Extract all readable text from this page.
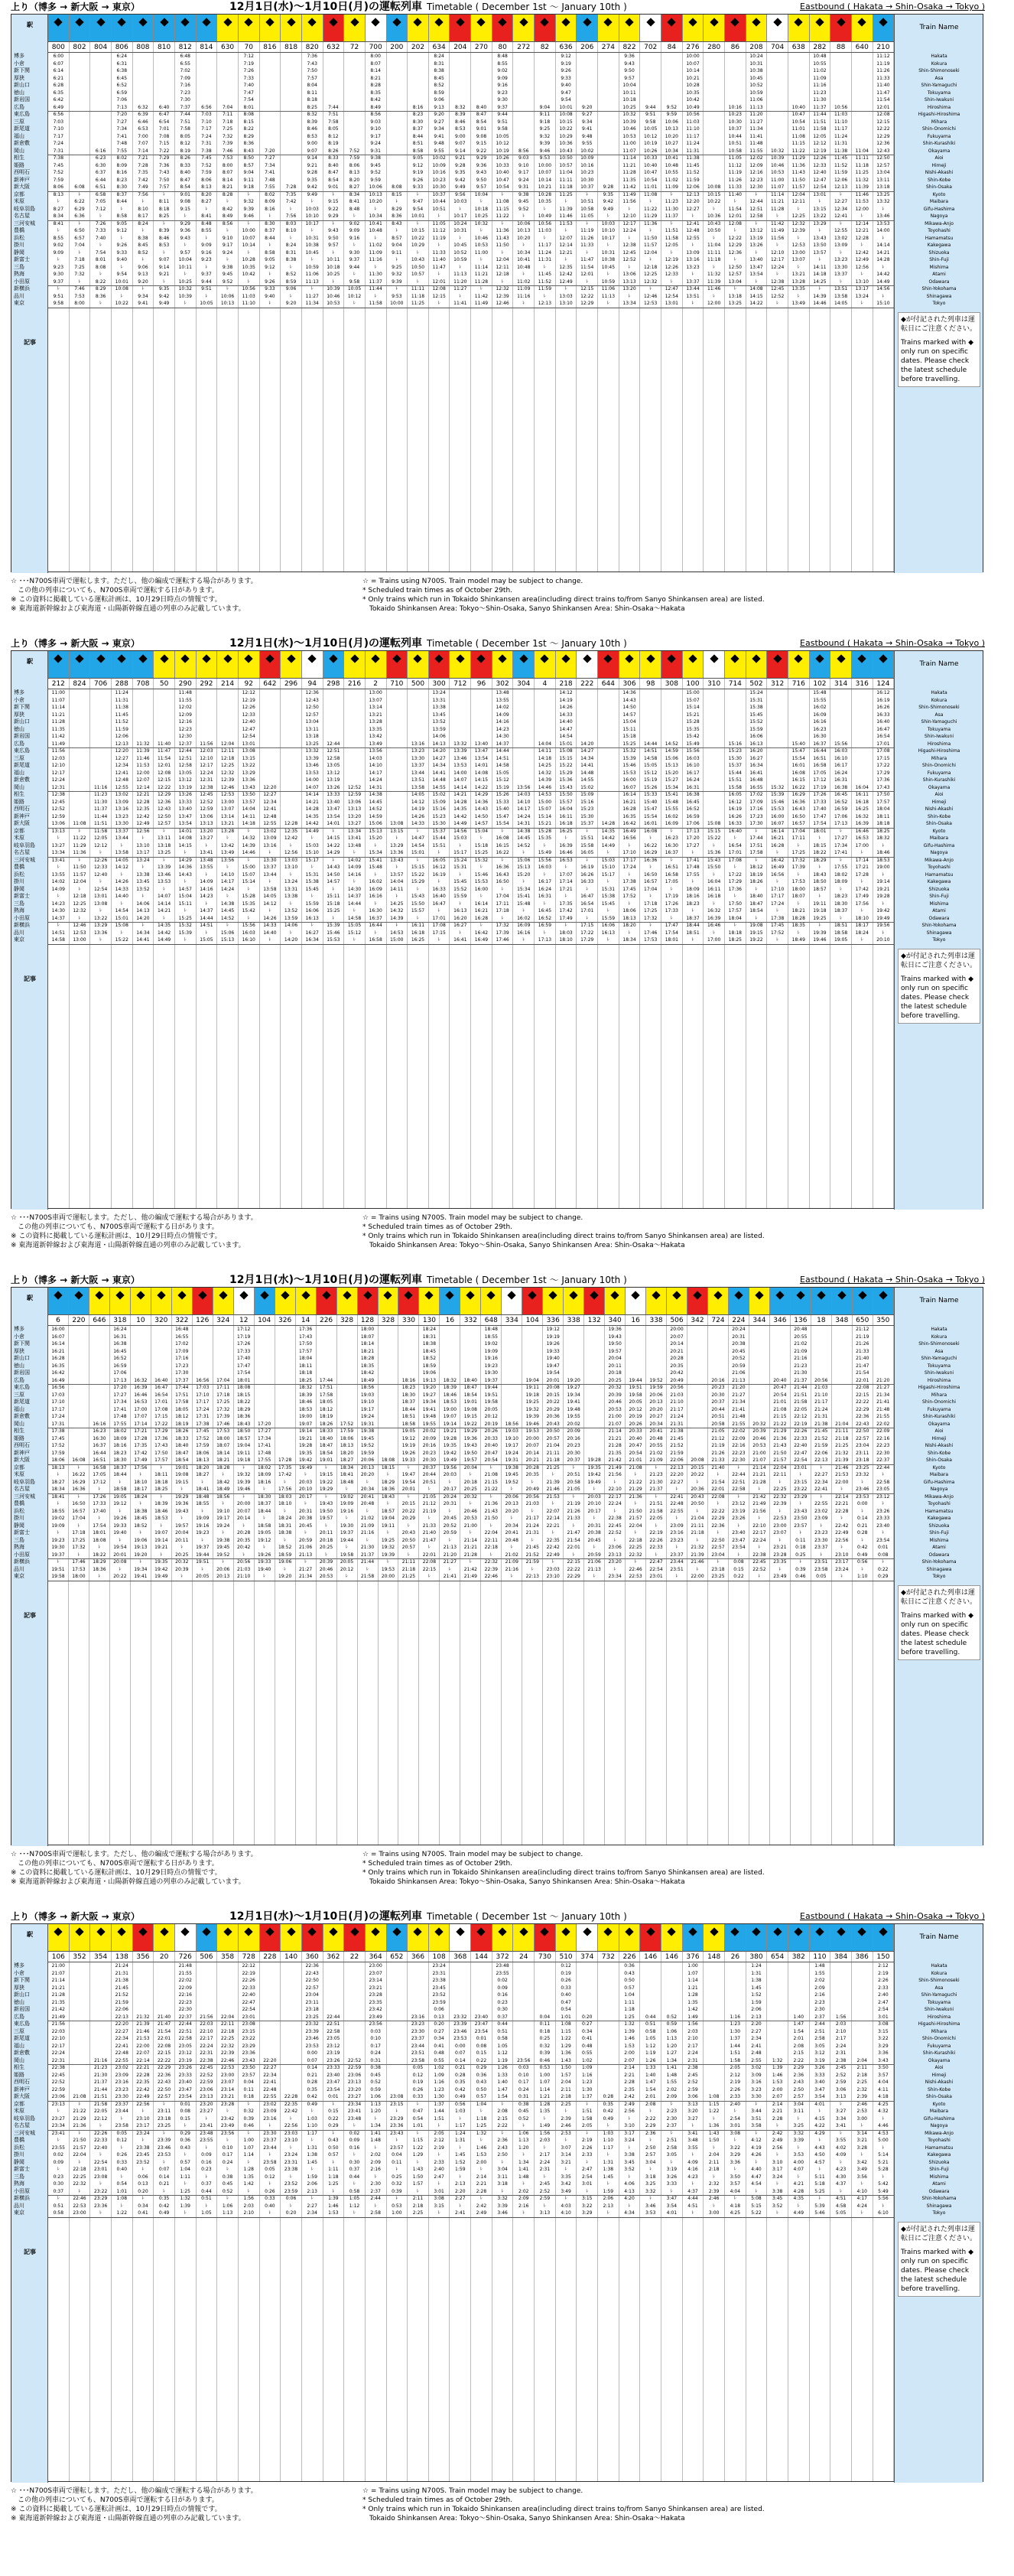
上り（博多 → 新大阪 → 東京）	12月1日(水)～1月10日(月)の運転列車 Timetable ( December 1st ～ January 10th )	Eastbound ( Hakata → Shin-Osaka → Tokyo )
駅
博多
小倉
新下関
厚狭
新山口
徳山
新岩国
広島
東広島
三原
新尾道
福山
新倉敷
岡山
相生
姫路
西明石
新神戸
新大阪
京都
米原
岐阜羽島
名古屋
三河安城
豊橋
浜松
掛川
静岡
新富士
三島
熱海
小田原
新横浜
品川
東京
記事
800	802	804	806	808	810	812	814	630	70	816	818	820	632	72	700	200	202	634	204	270	80	272	82	636	206	274	822	702	84	276	280	86	208	704	638	282	88	640	210
6:00
6:07
6:14
6:21
6:28
6:35
6:42
6:49
6:56
7:03
7:10
7:17
7:24
7:31
7:38
7:45
7:52
7:59
8:06
8:13
ﾚ
8:27
8:34
8:41
ﾚ
8:55
9:02
9:09
ﾚ
9:23
9:30
9:37
ﾚ
9:51
9:58

6:08
ﾚ
6:22
6:29
6:36
ﾚ
6:50
6:57
7:04
ﾚ
7:18
7:25
7:32
ﾚ
7:46
7:53
8:00

6:16
6:23
6:30
6:37
6:44
6:51
6:58
7:05
7:12
ﾚ
7:26
7:33
7:40
ﾚ
7:54
8:01
8:08
ﾚ
8:22
8:29
8:36
ﾚ
6:24
6:31
6:38
6:45
6:52
6:59
7:06
7:13
7:20
7:27
7:34
7:41
7:48
7:55
8:02
8:09
8:16
8:23
8:30
8:37
8:44
ﾚ
8:58
9:05
9:12
ﾚ
9:26
9:33
9:40
ﾚ
9:54
10:01
10:08
ﾚ
10:22

6:32
6:39
6:46
6:53
7:00
7:07
7:14
7:21
7:28
7:35
7:42
7:49
7:56
ﾚ
8:10
8:17
8:24
ﾚ
8:38
8:45
8:52
ﾚ
9:06
9:13
9:20
ﾚ
9:34
9:41

6:40
6:47
6:54
7:01
7:08
7:15
7:22
7:29
7:36
7:43
7:50
7:57
ﾚ
8:11
8:18
8:25
ﾚ
8:39
8:46
8:53
ﾚ
9:07
9:14
9:21
ﾚ
9:35
9:42
9:49
6:48
6:55
7:02
7:09
7:16
7:23
7:30
7:37
7:44
7:51
7:58
8:05
8:12
8:19
8:26
8:33
8:40
8:47
8:54
9:01
9:08
9:15
ﾚ
9:29
9:36
9:43
ﾚ
9:57
10:04
10:11
ﾚ
10:25
10:32
10:39
ﾚ

6:56
7:03
7:10
7:17
7:24
7:31
7:38
7:45
7:52
7:59
8:06
8:13
8:20
8:27
ﾚ
8:41
8:48
8:55
ﾚ
9:09
9:16
9:23
ﾚ
9:37
9:44
9:51
ﾚ
10:05

7:04
7:11
7:18
7:25
7:32
7:39
7:46
7:53
8:00
8:07
8:14
8:21
8:28
ﾚ
8:42
8:49
8:56
ﾚ
9:10
9:17
9:24
ﾚ
9:38
9:45
9:52
ﾚ
10:06
10:13
7:12
7:19
7:26
7:33
7:40
7:47
7:54
8:01
8:08
8:15
8:22
8:29
8:36
8:43
8:50
8:57
9:04
9:11
9:18
ﾚ
9:32
9:39
9:46
ﾚ
10:00
10:07
10:14
ﾚ
10:28
10:35
10:42
ﾚ
10:56
11:03
11:10

7:20
7:27
7:34
7:41
7:48
7:55
8:02
8:09
8:16
ﾚ
8:30
8:37
8:44
ﾚ
8:58
9:05
9:12
ﾚ
9:26
9:33
9:40
ﾚ

7:28
7:35
7:42
ﾚ
7:56
8:03
8:10
ﾚ
8:24
8:31
8:38
ﾚ
8:52
8:59
9:06
ﾚ
9:20
7:36
7:43
7:50
7:57
8:04
8:11
8:18
8:25
8:32
8:39
8:46
8:53
9:00
9:07
9:14
9:21
9:28
9:35
9:42
9:49
ﾚ
10:03
10:10
10:17
ﾚ
10:31
10:38
10:45
ﾚ
10:59
11:06
11:13
ﾚ
11:27
11:34

7:44
7:51
7:58
8:05
8:12
8:19
8:26
8:33
8:40
8:47
8:54
9:01
ﾚ
9:15
9:22
9:29
ﾚ
9:43
9:50
9:57
ﾚ
10:11
10:18
10:25
ﾚ
10:39
10:46
10:53

7:52
7:59
8:06
8:13
8:20
8:27
8:34
8:41
8:48
ﾚ
9:02
9:09
9:16
ﾚ
9:30
9:37
9:44
ﾚ
9:58
10:05
10:12
ﾚ
8:00
8:07
8:14
8:21
8:28
8:35
8:42
8:49
8:56
9:03
9:10
9:17
9:24
9:31
9:38
9:45
9:52
9:59
10:06
10:13
10:20
ﾚ
10:34
10:41
10:48
ﾚ
11:02
11:09
11:16
ﾚ
11:30
11:37
11:44
ﾚ
11:58

8:08
8:15
ﾚ
8:29
8:36
8:43
ﾚ
8:57
9:04
9:11
ﾚ
9:25
9:32
9:39
ﾚ
9:53
10:00

8:16
8:23
8:30
8:37
8:44
8:51
8:58
9:05
9:12
9:19
9:26
9:33
ﾚ
9:47
9:54
10:01
ﾚ
10:15
10:22
10:29
ﾚ
10:43
10:50
10:57
ﾚ
11:11
11:18
11:25
8:24
8:31
8:38
8:45
8:52
8:59
9:06
9:13
9:20
9:27
9:34
9:41
9:48
9:55
10:02
10:09
10:16
10:23
10:30
10:37
10:44
10:51
ﾚ
11:05
11:12
11:19
ﾚ
11:33
11:40
11:47
ﾚ
12:01
12:08
12:15
ﾚ

8:32
8:39
8:46
8:53
9:00
9:07
9:14
9:21
9:28
9:35
9:42
9:49
9:56
10:03
ﾚ
10:17
10:24
10:31
ﾚ
10:45
10:52
10:59
ﾚ
11:13
11:20
11:27
ﾚ
11:41

8:40
8:47
8:54
9:01
9:08
9:15
9:22
9:29
9:36
9:43
9:50
9:57
10:04
ﾚ
10:18
10:25
10:32
ﾚ
10:46
10:53
11:00
ﾚ
11:14
11:21
11:28
ﾚ
11:42
11:49
8:48
8:55
9:02
9:09
9:16
9:23
9:30
9:37
9:44
9:51
9:58
10:05
10:12
10:19
10:26
10:33
10:40
10:47
10:54
ﾚ
11:08
11:15
11:22
ﾚ
11:36
11:43
11:50
ﾚ
12:04
12:11
12:18
ﾚ
12:32
12:39
12:46

8:56
9:03
9:10
9:17
9:24
9:31
9:38
9:45
9:52
ﾚ
10:06
10:13
10:20
ﾚ
10:34
10:41
10:48
ﾚ
11:02
11:09
11:16
ﾚ

9:04
9:11
9:18
9:25
9:32
9:39
9:46
9:53
10:00
10:07
10:14
10:21
10:28
10:35
ﾚ
10:49
10:56
11:03
ﾚ
11:17
11:24
11:31
ﾚ
11:45
11:52
11:59
ﾚ
12:13
9:12
9:19
9:26
9:33
9:40
9:47
9:54
10:01
10:08
10:15
10:22
10:29
10:36
10:43
10:50
10:57
11:04
11:11
11:18
11:25
ﾚ
11:39
11:46
11:53
ﾚ
12:07
12:14
12:21
ﾚ
12:35
12:42
12:49
ﾚ
13:03
13:10

9:20
9:27
9:34
9:41
9:48
9:55
10:02
10:09
10:16
10:23
10:30
10:37
ﾚ
10:51
10:58
11:05
ﾚ
11:19
11:26
11:33
ﾚ
11:47
11:54
12:01
ﾚ
12:15
12:22
12:29

9:28
9:35
9:42
9:49
ﾚ
10:03
10:10
10:17
ﾚ
10:31
10:38
10:45
ﾚ
10:59
11:06
11:13
ﾚ
9:36
9:43
9:50
9:57
10:04
10:11
10:18
10:25
10:32
10:39
10:46
10:53
11:00
11:07
11:14
11:21
11:28
11:35
11:42
11:49
11:56
ﾚ
12:10
12:17
12:24
ﾚ
12:38
12:45
12:52
ﾚ
13:06
13:13
13:20
ﾚ
13:34

9:44
9:51
9:58
10:05
10:12
10:19
10:26
10:33
10:40
10:47
10:54
11:01
11:08
ﾚ
11:22
11:29
11:36
ﾚ
11:50
11:57
12:04
ﾚ
12:18
12:25
12:32
ﾚ
12:46
12:53

9:52
9:59
10:06
10:13
10:20
10:27
10:34
10:41
10:48
10:55
11:02
11:09
ﾚ
11:23
11:30
11:37
ﾚ
11:51
11:58
12:05
ﾚ
12:19
12:26
12:33
ﾚ
12:47
12:54
13:01
10:00
10:07
10:14
10:21
10:28
10:35
10:42
10:49
10:56
11:03
11:10
11:17
11:24
11:31
11:38
11:45
11:52
11:59
12:06
12:13
12:20
12:27
ﾚ
12:41
12:48
12:55
ﾚ
13:09
13:16
13:23
ﾚ
13:37
13:44
13:51
ﾚ

10:08
10:15
10:22
ﾚ
10:36
10:43
10:50
ﾚ
11:04
11:11
11:18
ﾚ
11:32
11:39
11:46
ﾚ
12:00

10:16
10:23
10:30
10:37
10:44
10:51
10:58
11:05
11:12
11:19
11:26
11:33
11:40
ﾚ
11:54
12:01
12:08
ﾚ
12:22
12:29
12:36
ﾚ
12:50
12:57
13:04
ﾚ
13:18
13:25
10:24
10:31
10:38
10:45
10:52
10:59
11:06
11:13
11:20
11:27
11:34
11:41
11:48
11:55
12:02
12:09
12:16
12:23
12:30
ﾚ
12:44
12:51
12:58
ﾚ
13:12
13:19
13:26
ﾚ
13:40
13:47
13:54
ﾚ
14:08
14:15
14:22

10:32
10:39
10:46
10:53
11:00
11:07
11:14
11:21
11:28
ﾚ
11:42
11:49
11:56
ﾚ
12:10
12:17
12:24
ﾚ
12:38
12:45
12:52
ﾚ

10:40
10:47
10:54
11:01
11:08
11:15
11:22
11:29
11:36
11:43
11:50
11:57
12:04
12:11
ﾚ
12:25
12:32
12:39
ﾚ
12:53
13:00
13:07
ﾚ
13:21
13:28
13:35
ﾚ
13:49
10:48
10:55
11:02
11:09
11:16
11:23
11:30
11:37
11:44
11:51
11:58
12:05
12:12
12:19
12:26
12:33
12:40
12:47
12:54
13:01
ﾚ
13:15
13:22
13:29
ﾚ
13:43
13:50
13:57
ﾚ
14:11
14:18
14:25
ﾚ
14:39
14:46

10:56
11:03
11:10
11:17
11:24
11:31
11:38
11:45
11:52
11:59
12:06
12:13
ﾚ
12:27
12:34
12:41
ﾚ
12:55
13:02
13:09
ﾚ
13:23
13:30
13:37
ﾚ
13:51
13:58
14:05

11:04
11:11
11:18
11:25
11:32
11:39
11:46
11:53
12:00
ﾚ
12:14
12:21
12:28
ﾚ
12:42
12:49
12:56
ﾚ
13:10
13:17
13:24
ﾚ
11:12
11:19
11:26
11:33
11:40
11:47
11:54
12:01
12:08
12:15
12:22
12:29
12:36
12:43
12:50
12:57
13:04
13:11
13:18
13:25
13:32
ﾚ
13:46
13:53
14:00
ﾚ
14:14
14:21
14:28
ﾚ
14:42
14:49
14:56
ﾚ
15:10
Train Name
Hakata
Kokura
Shin-Shimonoseki
Asa
Shin-Yamaguchi
Tokuyama
Shin-Iwakuni
Hiroshima
Higashi-Hiroshima
Mihara
Shin-Onomichi
Fukuyama
Shin-Kurashiki
Okayama
Aioi
Himeji
Nishi-Akashi
Shin-Kobe
Shin-Osaka
Kyoto
Maibara
Gifu-Hashima
Nagoya
Mikawa-Anjo
Toyohashi
Hamamatsu
Kakegawa
Shizuoka
Shin-Fuji
Mishima
Atami
Odawara
Shin-Yokohama
Shinagawa
Tokyo
◆が付記された列車は運転日にご注意ください。
Trains marked with ◆ only run on specific dates. Please check the latest schedule before travelling.
☆ ･･･N700S車両で運転します。ただし、他の編成で運転する場合があります。
　この他の列車についても、N700S車両で運転する日があります。
※ この資料に掲載している運転計画は、10月29日時点の情報です。
※ 東海道新幹線および東海道・山陽新幹線直通の列車のみ記載しています。
☆ = Trains using N700S. Train model may be subject to change.
* Scheduled train times as of October 29th.
* Only trains which run in Tokaido Shinkansen area(including direct trains to/from Sanyo Shinkansen area) are listed.
　Tokaido Shinkansen Area: Tokyo〜Shin-Osaka, Sanyo Shinkansen Area: Shin-Osaka〜Hakata
上り（博多 → 新大阪 → 東京）	12月1日(水)～1月10日(月)の運転列車 Timetable ( December 1st ～ January 10th )	Eastbound ( Hakata → Shin-Osaka → Tokyo )
駅
博多
小倉
新下関
厚狭
新山口
徳山
新岩国
広島
東広島
三原
新尾道
福山
新倉敷
岡山
相生
姫路
西明石
新神戸
新大阪
京都
米原
岐阜羽島
名古屋
三河安城
豊橋
浜松
掛川
静岡
新富士
三島
熱海
小田原
新横浜
品川
東京
記事
212	824	706	288	708	50	290	292	214	92	642	296	94	298	216	2	710	500	300	712	96	302	304	4	218	222	644	306	98	308	100	310	714	502	312	716	102	314	316	124
11:00
11:07
11:14
11:21
11:28
11:35
11:42
11:49
11:56
12:03
12:10
12:17
12:24
12:31
12:38
12:45
12:52
12:59
13:06
13:13
ﾚ
13:27
13:34
13:41
ﾚ
13:55
14:02
14:09
ﾚ
14:23
14:30
14:37
ﾚ
14:51
14:58

11:08
ﾚ
11:22
11:29
11:36
ﾚ
11:50
11:57
12:04
ﾚ
12:18
12:25
12:32
ﾚ
12:46
12:53
13:00

11:16
11:23
11:30
11:37
11:44
11:51
11:58
12:05
12:12
ﾚ
12:26
12:33
12:40
ﾚ
12:54
13:01
13:08
ﾚ
13:22
13:29
13:36
ﾚ
11:24
11:31
11:38
11:45
11:52
11:59
12:06
12:13
12:20
12:27
12:34
12:41
12:48
12:55
13:02
13:09
13:16
13:23
13:30
13:37
13:44
ﾚ
13:58
14:05
14:12
ﾚ
14:26
14:33
14:40
ﾚ
14:54
15:01
15:08
ﾚ
15:22

11:32
11:39
11:46
11:53
12:00
12:07
12:14
12:21
12:28
12:35
12:42
12:49
12:56
ﾚ
13:10
13:17
13:24
ﾚ
13:38
13:45
13:52
ﾚ
14:06
14:13
14:20
ﾚ
14:34
14:41

11:40
11:47
11:54
12:01
12:08
12:15
12:22
12:29
12:36
12:43
12:50
12:57
ﾚ
13:11
13:18
13:25
ﾚ
13:39
13:46
13:53
ﾚ
14:07
14:14
14:21
ﾚ
14:35
14:42
14:49
11:48
11:55
12:02
12:09
12:16
12:23
12:30
12:37
12:44
12:51
12:58
13:05
13:12
13:19
13:26
13:33
13:40
13:47
13:54
14:01
14:08
14:15
ﾚ
14:29
14:36
14:43
ﾚ
14:57
15:04
15:11
ﾚ
15:25
15:32
15:39
ﾚ

11:56
12:03
12:10
12:17
12:24
12:31
12:38
12:45
12:52
12:59
13:06
13:13
13:20
13:27
ﾚ
13:41
13:48
13:55
ﾚ
14:09
14:16
14:23
ﾚ
14:37
14:44
14:51
ﾚ
15:05

12:04
12:11
12:18
12:25
12:32
12:39
12:46
12:53
13:00
13:07
13:14
13:21
13:28
ﾚ
13:42
13:49
13:56
ﾚ
14:10
14:17
14:24
ﾚ
14:38
14:45
14:52
ﾚ
15:06
15:13
12:12
12:19
12:26
12:33
12:40
12:47
12:54
13:01
13:08
13:15
13:22
13:29
13:36
13:43
13:50
13:57
14:04
14:11
14:18
ﾚ
14:32
14:39
14:46
ﾚ
15:00
15:07
15:14
ﾚ
15:28
15:35
15:42
ﾚ
15:56
16:03
16:10

12:20
12:27
12:34
12:41
12:48
12:55
13:02
13:09
13:16
ﾚ
13:30
13:37
13:44
ﾚ
13:58
14:05
14:12
ﾚ
14:26
14:33
14:40
ﾚ

12:28
12:35
12:42
ﾚ
12:56
13:03
13:10
ﾚ
13:24
13:31
13:38
ﾚ
13:52
13:59
14:06
ﾚ
14:20
12:36
12:43
12:50
12:57
13:04
13:11
13:18
13:25
13:32
13:39
13:46
13:53
14:00
14:07
14:14
14:21
14:28
14:35
14:42
14:49
ﾚ
15:03
15:10
15:17
ﾚ
15:31
15:38
15:45
ﾚ
15:59
16:06
16:13
ﾚ
16:27
16:34

12:44
12:51
12:58
13:05
13:12
13:19
13:26
13:33
13:40
13:47
13:54
14:01
ﾚ
14:15
14:22
14:29
ﾚ
14:43
14:50
14:57
ﾚ
15:11
15:18
15:25
ﾚ
15:39
15:46
15:53

12:52
12:59
13:06
13:13
13:20
13:27
13:34
13:41
13:48
ﾚ
14:02
14:09
14:16
ﾚ
14:30
14:37
14:44
ﾚ
14:58
15:05
15:12
ﾚ
13:00
13:07
13:14
13:21
13:28
13:35
13:42
13:49
13:56
14:03
14:10
14:17
14:24
14:31
14:38
14:45
14:52
14:59
15:06
15:13
15:20
ﾚ
15:34
15:41
15:48
ﾚ
16:02
16:09
16:16
ﾚ
16:30
16:37
16:44
ﾚ
16:58

13:08
13:15
ﾚ
13:29
13:36
13:43
ﾚ
13:57
14:04
14:11
ﾚ
14:25
14:32
14:39
ﾚ
14:53
15:00

13:16
13:23
13:30
13:37
13:44
13:51
13:58
14:05
14:12
14:19
14:26
14:33
ﾚ
14:47
14:54
15:01
ﾚ
15:15
15:22
15:29
ﾚ
15:43
15:50
15:57
ﾚ
16:11
16:18
16:25
13:24
13:31
13:38
13:45
13:52
13:59
14:06
14:13
14:20
14:27
14:34
14:41
14:48
14:55
15:02
15:09
15:16
15:23
15:30
15:37
15:44
15:51
ﾚ
16:05
16:12
16:19
ﾚ
16:33
16:40
16:47
ﾚ
17:01
17:08
17:15
ﾚ

13:32
13:39
13:46
13:53
14:00
14:07
14:14
14:21
14:28
14:35
14:42
14:49
14:56
15:03
ﾚ
15:17
15:24
15:31
ﾚ
15:45
15:52
15:59
ﾚ
16:13
16:20
16:27
ﾚ
16:41

13:40
13:47
13:54
14:01
14:08
14:15
14:22
14:29
14:36
14:43
14:50
14:57
15:04
ﾚ
15:18
15:25
15:32
ﾚ
15:46
15:53
16:00
ﾚ
16:14
16:21
16:28
ﾚ
16:42
16:49
13:48
13:55
14:02
14:09
14:16
14:23
14:30
14:37
14:44
14:51
14:58
15:05
15:12
15:19
15:26
15:33
15:40
15:47
15:54
ﾚ
16:08
16:15
16:22
ﾚ
16:36
16:43
16:50
ﾚ
17:04
17:11
17:18
ﾚ
17:32
17:39
17:46

13:56
14:03
14:10
14:17
14:24
14:31
14:38
14:45
14:52
ﾚ
15:06
15:13
15:20
ﾚ
15:34
15:41
15:48
ﾚ
16:02
16:09
16:16
ﾚ

14:04
14:11
14:18
14:25
14:32
14:39
14:46
14:53
15:00
15:07
15:14
15:21
15:28
15:35
ﾚ
15:49
15:56
16:03
ﾚ
16:17
16:24
16:31
ﾚ
16:45
16:52
16:59
ﾚ
17:13
14:12
14:19
14:26
14:33
14:40
14:47
14:54
15:01
15:08
15:15
15:22
15:29
15:36
15:43
15:50
15:57
16:04
16:11
16:18
16:25
ﾚ
16:39
16:46
16:53
ﾚ
17:07
17:14
17:21
ﾚ
17:35
17:42
17:49
ﾚ
18:03
18:10

14:20
14:27
14:34
14:41
14:48
14:55
15:02
15:09
15:16
15:23
15:30
15:37
ﾚ
15:51
15:58
16:05
ﾚ
16:19
16:26
16:33
ﾚ
16:47
16:54
17:01
ﾚ
17:15
17:22
17:29

14:28
14:35
14:42
14:49
ﾚ
15:03
15:10
15:17
ﾚ
15:31
15:38
15:45
ﾚ
15:59
16:06
16:13
ﾚ
14:36
14:43
14:50
14:57
15:04
15:11
15:18
15:25
15:32
15:39
15:46
15:53
16:00
16:07
16:14
16:21
16:28
16:35
16:42
16:49
16:56
ﾚ
17:10
17:17
17:24
ﾚ
17:38
17:45
17:52
ﾚ
18:06
18:13
18:20
ﾚ
18:34

14:44
14:51
14:58
15:05
15:12
15:19
15:26
15:33
15:40
15:47
15:54
16:01
16:08
ﾚ
16:22
16:29
16:36
ﾚ
16:50
16:57
17:04
ﾚ
17:18
17:25
17:32
ﾚ
17:46
17:53

14:52
14:59
15:06
15:13
15:20
15:27
15:34
15:41
15:48
15:55
16:02
16:09
ﾚ
16:23
16:30
16:37
ﾚ
16:51
16:58
17:05
ﾚ
17:19
17:26
17:33
ﾚ
17:47
17:54
18:01
15:00
15:07
15:14
15:21
15:28
15:35
15:42
15:49
15:56
16:03
16:10
16:17
16:24
16:31
16:38
16:45
16:52
16:59
17:06
17:13
17:20
17:27
ﾚ
17:41
17:48
17:55
ﾚ
18:09
18:16
18:23
ﾚ
18:37
18:44
18:51
ﾚ

15:08
15:15
15:22
ﾚ
15:36
15:43
15:50
ﾚ
16:04
16:11
16:18
ﾚ
16:32
16:39
16:46
ﾚ
17:00

15:16
15:23
15:30
15:37
15:44
15:51
15:58
16:05
16:12
16:19
16:26
16:33
16:40
ﾚ
16:54
17:01
17:08
ﾚ
17:22
17:29
17:36
ﾚ
17:50
17:57
18:04
ﾚ
18:18
18:25
15:24
15:31
15:38
15:45
15:52
15:59
16:06
16:13
16:20
16:27
16:34
16:41
16:48
16:55
17:02
17:09
17:16
17:23
17:30
ﾚ
17:44
17:51
17:58
ﾚ
18:12
18:19
18:26
ﾚ
18:40
18:47
18:54
ﾚ
19:08
19:15
19:22

15:32
15:39
15:46
15:53
16:00
16:07
16:14
16:21
16:28
ﾚ
16:42
16:49
16:56
ﾚ
17:10
17:17
17:24
ﾚ
17:38
17:45
17:52
ﾚ

15:40
15:47
15:54
16:01
16:08
16:15
16:22
16:29
16:36
16:43
16:50
16:57
17:04
17:11
ﾚ
17:25
17:32
17:39
ﾚ
17:53
18:00
18:07
ﾚ
18:21
18:28
18:35
ﾚ
18:49
15:48
15:55
16:02
16:09
16:16
16:23
16:30
16:37
16:44
16:51
16:58
17:05
17:12
17:19
17:26
17:33
17:40
17:47
17:54
18:01
ﾚ
18:15
18:22
18:29
ﾚ
18:43
18:50
18:57
ﾚ
19:11
19:18
19:25
ﾚ
19:39
19:46

15:56
16:03
16:10
16:17
16:24
16:31
16:38
16:45
16:52
16:59
17:06
17:13
ﾚ
17:27
17:34
17:41
ﾚ
17:55
18:02
18:09
ﾚ
18:23
18:30
18:37
ﾚ
18:51
18:58
19:05

16:04
16:11
16:18
16:25
16:32
16:39
16:46
16:53
17:00
ﾚ
17:14
17:21
17:28
ﾚ
17:42
17:49
17:56
ﾚ
18:10
18:17
18:24
ﾚ
16:12
16:19
16:26
16:33
16:40
16:47
16:54
17:01
17:08
17:15
17:22
17:29
17:36
17:43
17:50
17:57
18:04
18:11
18:18
18:25
18:32
ﾚ
18:46
18:53
19:00
ﾚ
19:14
19:21
19:28
ﾚ
19:42
19:49
19:56
ﾚ
20:10
Train Name
Hakata
Kokura
Shin-Shimonoseki
Asa
Shin-Yamaguchi
Tokuyama
Shin-Iwakuni
Hiroshima
Higashi-Hiroshima
Mihara
Shin-Onomichi
Fukuyama
Shin-Kurashiki
Okayama
Aioi
Himeji
Nishi-Akashi
Shin-Kobe
Shin-Osaka
Kyoto
Maibara
Gifu-Hashima
Nagoya
Mikawa-Anjo
Toyohashi
Hamamatsu
Kakegawa
Shizuoka
Shin-Fuji
Mishima
Atami
Odawara
Shin-Yokohama
Shinagawa
Tokyo
◆が付記された列車は運転日にご注意ください。
Trains marked with ◆ only run on specific dates. Please check the latest schedule before travelling.
☆ ･･･N700S車両で運転します。ただし、他の編成で運転する場合があります。
　この他の列車についても、N700S車両で運転する日があります。
※ この資料に掲載している運転計画は、10月29日時点の情報です。
※ 東海道新幹線および東海道・山陽新幹線直通の列車のみ記載しています。
☆ = Trains using N700S. Train model may be subject to change.
* Scheduled train times as of October 29th.
* Only trains which run in Tokaido Shinkansen area(including direct trains to/from Sanyo Shinkansen area) are listed.
　Tokaido Shinkansen Area: Tokyo〜Shin-Osaka, Sanyo Shinkansen Area: Shin-Osaka〜Hakata
上り（博多 → 新大阪 → 東京）	12月1日(水)～1月10日(月)の運転列車 Timetable ( December 1st ～ January 10th )	Eastbound ( Hakata → Shin-Osaka → Tokyo )
駅
博多
小倉
新下関
厚狭
新山口
徳山
新岩国
広島
東広島
三原
新尾道
福山
新倉敷
岡山
相生
姫路
西明石
新神戸
新大阪
京都
米原
岐阜羽島
名古屋
三河安城
豊橋
浜松
掛川
静岡
新富士
三島
熱海
小田原
新横浜
品川
東京
記事
6	220	646	318	10	320	322	126	324	12	104	326	14	226	328	128	328	330	130	16	332	648	334	104	336	338	132	340	16	338	506	342	724	224	344	346	136	18	348	650	350
16:00
16:07
16:14
16:21
16:28
16:35
16:42
16:49
16:56
17:03
17:10
17:17
17:24
17:31
17:38
17:45
17:52
17:59
18:06
18:13
ﾚ
18:27
18:34
18:41
ﾚ
18:55
19:02
19:09
ﾚ
19:23
19:30
19:37
ﾚ
19:51
19:58

16:08
ﾚ
16:22
16:29
16:36
ﾚ
16:50
16:57
17:04
ﾚ
17:18
17:25
17:32
ﾚ
17:46
17:53
18:00

16:16
16:23
16:30
16:37
16:44
16:51
16:58
17:05
17:12
ﾚ
17:26
17:33
17:40
ﾚ
17:54
18:01
18:08
ﾚ
18:22
18:29
18:36
ﾚ
16:24
16:31
16:38
16:45
16:52
16:59
17:06
17:13
17:20
17:27
17:34
17:41
17:48
17:55
18:02
18:09
18:16
18:23
18:30
18:37
18:44
ﾚ
18:58
19:05
19:12
ﾚ
19:26
19:33
19:40
ﾚ
19:54
20:01
20:08
ﾚ
20:22

16:32
16:39
16:46
16:53
17:00
17:07
17:14
17:21
17:28
17:35
17:42
17:49
17:56
ﾚ
18:10
18:17
18:24
ﾚ
18:38
18:45
18:52
ﾚ
19:06
19:13
19:20
ﾚ
19:34
19:41

16:40
16:47
16:54
17:01
17:08
17:15
17:22
17:29
17:36
17:43
17:50
17:57
ﾚ
18:11
18:18
18:25
ﾚ
18:39
18:46
18:53
ﾚ
19:07
19:14
19:21
ﾚ
19:35
19:42
19:49
16:48
16:55
17:02
17:09
17:16
17:23
17:30
17:37
17:44
17:51
17:58
18:05
18:12
18:19
18:26
18:33
18:40
18:47
18:54
19:01
19:08
19:15
ﾚ
19:29
19:36
19:43
ﾚ
19:57
20:04
20:11
ﾚ
20:25
20:32
20:39
ﾚ

16:56
17:03
17:10
17:17
17:24
17:31
17:38
17:45
17:52
17:59
18:06
18:13
18:20
18:27
ﾚ
18:41
18:48
18:55
ﾚ
19:09
19:16
19:23
ﾚ
19:37
19:44
19:51
ﾚ
20:05

17:04
17:11
17:18
17:25
17:32
17:39
17:46
17:53
18:00
18:07
18:14
18:21
18:28
ﾚ
18:42
18:49
18:56
ﾚ
19:10
19:17
19:24
ﾚ
19:38
19:45
19:52
ﾚ
20:06
20:13
17:12
17:19
17:26
17:33
17:40
17:47
17:54
18:01
18:08
18:15
18:22
18:29
18:36
18:43
18:50
18:57
19:04
19:11
19:18
ﾚ
19:32
19:39
19:46
ﾚ
20:00
20:07
20:14
ﾚ
20:28
20:35
20:42
ﾚ
20:56
21:03
21:10

17:20
17:27
17:34
17:41
17:48
17:55
18:02
18:09
18:16
ﾚ
18:30
18:37
18:44
ﾚ
18:58
19:05
19:12
ﾚ
19:26
19:33
19:40
ﾚ

17:28
17:35
17:42
ﾚ
17:56
18:03
18:10
ﾚ
18:24
18:31
18:38
ﾚ
18:52
18:59
19:06
ﾚ
19:20
17:36
17:43
17:50
17:57
18:04
18:11
18:18
18:25
18:32
18:39
18:46
18:53
19:00
19:07
19:14
19:21
19:28
19:35
19:42
19:49
ﾚ
20:03
20:10
20:17
ﾚ
20:31
20:38
20:45
ﾚ
20:59
21:06
21:13
ﾚ
21:27
21:34

17:44
17:51
17:58
18:05
18:12
18:19
18:26
18:33
18:40
18:47
18:54
19:01
ﾚ
19:15
19:22
19:29
ﾚ
19:43
19:50
19:57
ﾚ
20:11
20:18
20:25
ﾚ
20:39
20:46
20:53

17:52
17:59
18:06
18:13
18:20
18:27
18:34
18:41
18:48
ﾚ
19:02
19:09
19:16
ﾚ
19:30
19:37
19:44
ﾚ
19:58
20:05
20:12
ﾚ
18:00
18:07
18:14
18:21
18:28
18:35
18:42
18:49
18:56
19:03
19:10
19:17
19:24
19:31
19:38
19:45
19:52
19:59
20:06
20:13
20:20
ﾚ
20:34
20:41
20:48
ﾚ
21:02
21:09
21:16
ﾚ
21:30
21:37
21:44
ﾚ
21:58

18:08
18:15
ﾚ
18:29
18:36
18:43
ﾚ
18:57
19:04
19:11
ﾚ
19:25
19:32
19:39
ﾚ
19:53
20:00

18:16
18:23
18:30
18:37
18:44
18:51
18:58
19:05
19:12
19:19
19:26
19:33
ﾚ
19:47
19:54
20:01
ﾚ
20:15
20:22
20:29
ﾚ
20:43
20:50
20:57
ﾚ
21:11
21:18
21:25
18:24
18:31
18:38
18:45
18:52
18:59
19:06
19:13
19:20
19:27
19:34
19:41
19:48
19:55
20:02
20:09
20:16
20:23
20:30
20:37
20:44
20:51
ﾚ
21:05
21:12
21:19
ﾚ
21:33
21:40
21:47
ﾚ
22:01
22:08
22:15
ﾚ

18:32
18:39
18:46
18:53
19:00
19:07
19:14
19:21
19:28
19:35
19:42
19:49
19:56
20:03
ﾚ
20:17
20:24
20:31
ﾚ
20:45
20:52
20:59
ﾚ
21:13
21:20
21:27
ﾚ
21:41

18:40
18:47
18:54
19:01
19:08
19:15
19:22
19:29
19:36
19:43
19:50
19:57
20:04
ﾚ
20:18
20:25
20:32
ﾚ
20:46
20:53
21:00
ﾚ
21:14
21:21
21:28
ﾚ
21:42
21:49
18:48
18:55
19:02
19:09
19:16
19:23
19:30
19:37
19:44
19:51
19:58
20:05
20:12
20:19
20:26
20:33
20:40
20:47
20:54
ﾚ
21:08
21:15
21:22
ﾚ
21:36
21:43
21:50
ﾚ
22:04
22:11
22:18
ﾚ
22:32
22:39
22:46

18:56
19:03
19:10
19:17
19:24
19:31
19:38
19:45
19:52
ﾚ
20:06
20:13
20:20
ﾚ
20:34
20:41
20:48
ﾚ
21:02
21:09
21:16
ﾚ

19:04
19:11
19:18
19:25
19:32
19:39
19:46
19:53
20:00
20:07
20:14
20:21
20:28
20:35
ﾚ
20:49
20:56
21:03
ﾚ
21:17
21:24
21:31
ﾚ
21:45
21:52
21:59
ﾚ
22:13
19:12
19:19
19:26
19:33
19:40
19:47
19:54
20:01
20:08
20:15
20:22
20:29
20:36
20:43
20:50
20:57
21:04
21:11
21:18
21:25
ﾚ
21:39
21:46
21:53
ﾚ
22:07
22:14
22:21
ﾚ
22:35
22:42
22:49
ﾚ
23:03
23:10

19:20
19:27
19:34
19:41
19:48
19:55
20:02
20:09
20:16
20:23
20:30
20:37
ﾚ
20:51
20:58
21:05
ﾚ
21:19
21:26
21:33
ﾚ
21:47
21:54
22:01
ﾚ
22:15
22:22
22:29

19:28
19:35
19:42
19:49
ﾚ
20:03
20:10
20:17
ﾚ
20:31
20:38
20:45
ﾚ
20:59
21:06
21:13
ﾚ
19:36
19:43
19:50
19:57
20:04
20:11
20:18
20:25
20:32
20:39
20:46
20:53
21:00
21:07
21:14
21:21
21:28
21:35
21:42
21:49
21:56
ﾚ
22:10
22:17
22:24
ﾚ
22:38
22:45
22:52
ﾚ
23:06
23:13
23:20
ﾚ
23:34

19:44
19:51
19:58
20:05
20:12
20:19
20:26
20:33
20:40
20:47
20:54
21:01
21:08
ﾚ
21:22
21:29
21:36
ﾚ
21:50
21:57
22:04
ﾚ
22:18
22:25
22:32
ﾚ
22:46
22:53

19:52
19:59
20:06
20:13
20:20
20:27
20:34
20:41
20:48
20:55
21:02
21:09
ﾚ
21:23
21:30
21:37
ﾚ
21:51
21:58
22:05
ﾚ
22:19
22:26
22:33
ﾚ
22:47
22:54
23:01
20:00
20:07
20:14
20:21
20:28
20:35
20:42
20:49
20:56
21:03
21:10
21:17
21:24
21:31
21:38
21:45
21:52
21:59
22:06
22:13
22:20
22:27
ﾚ
22:41
22:48
22:55
ﾚ
23:09
23:16
23:23
ﾚ
23:37
23:44
23:51
ﾚ

20:08
20:15
20:22
ﾚ
20:36
20:43
20:50
ﾚ
21:04
21:11
21:18
ﾚ
21:32
21:39
21:46
ﾚ
22:00

20:16
20:23
20:30
20:37
20:44
20:51
20:58
21:05
21:12
21:19
21:26
21:33
21:40
ﾚ
21:54
22:01
22:08
ﾚ
22:22
22:29
22:36
ﾚ
22:50
22:57
23:04
ﾚ
23:18
23:25
20:24
20:31
20:38
20:45
20:52
20:59
21:06
21:13
21:20
21:27
21:34
21:41
21:48
21:55
22:02
22:09
22:16
22:23
22:30
ﾚ
22:44
22:51
22:58
ﾚ
23:12
23:19
23:26
ﾚ
23:40
23:47
23:54
ﾚ
0:08
0:15
0:22

20:32
20:39
20:46
20:53
21:00
21:07
21:14
21:21
21:28
ﾚ
21:42
21:49
21:56
ﾚ
22:10
22:17
22:24
ﾚ
22:38
22:45
22:52
ﾚ

20:40
20:47
20:54
21:01
21:08
21:15
21:22
21:29
21:36
21:43
21:50
21:57
22:04
22:11
ﾚ
22:25
22:32
22:39
ﾚ
22:53
23:00
23:07
ﾚ
23:21
23:28
23:35
ﾚ
23:49
20:48
20:55
21:02
21:09
21:16
21:23
21:30
21:37
21:44
21:51
21:58
22:05
22:12
22:19
22:26
22:33
22:40
22:47
22:54
23:01
ﾚ
23:15
23:22
23:29
ﾚ
23:43
23:50
23:57
ﾚ
0:11
0:18
0:25
ﾚ
0:39
0:46

20:56
21:03
21:10
21:17
21:24
21:31
21:38
21:45
21:52
21:59
22:06
22:13
ﾚ
22:27
22:34
22:41
ﾚ
22:55
23:02
23:09
ﾚ
23:23
23:30
23:37
ﾚ
23:51
23:58
0:05

21:04
21:11
21:18
21:25
21:32
21:39
21:46
21:53
22:00
ﾚ
22:14
22:21
22:28
ﾚ
22:42
22:49
22:56
ﾚ
23:10
23:17
23:24
ﾚ
21:12
21:19
21:26
21:33
21:40
21:47
21:54
22:01
22:08
22:15
22:22
22:29
22:36
22:43
22:50
22:57
23:04
23:11
23:18
23:25
23:32
ﾚ
23:46
23:53
0:00
ﾚ
0:14
0:21
0:28
ﾚ
0:42
0:49
0:56
ﾚ
1:10

21:20
21:27
21:34
21:41
21:48
21:55
22:02
22:09
22:16
22:23
22:30
22:37
22:44
ﾚ
22:58
23:05
23:12
ﾚ
23:26
23:33
23:40
ﾚ
23:54
0:01
0:08
ﾚ
0:22
0:29
Train Name
Hakata
Kokura
Shin-Shimonoseki
Asa
Shin-Yamaguchi
Tokuyama
Shin-Iwakuni
Hiroshima
Higashi-Hiroshima
Mihara
Shin-Onomichi
Fukuyama
Shin-Kurashiki
Okayama
Aioi
Himeji
Nishi-Akashi
Shin-Kobe
Shin-Osaka
Kyoto
Maibara
Gifu-Hashima
Nagoya
Mikawa-Anjo
Toyohashi
Hamamatsu
Kakegawa
Shizuoka
Shin-Fuji
Mishima
Atami
Odawara
Shin-Yokohama
Shinagawa
Tokyo
◆が付記された列車は運転日にご注意ください。
Trains marked with ◆ only run on specific dates. Please check the latest schedule before travelling.
☆ ･･･N700S車両で運転します。ただし、他の編成で運転する場合があります。
　この他の列車についても、N700S車両で運転する日があります。
※ この資料に掲載している運転計画は、10月29日時点の情報です。
※ 東海道新幹線および東海道・山陽新幹線直通の列車のみ記載しています。
☆ = Trains using N700S. Train model may be subject to change.
* Scheduled train times as of October 29th.
* Only trains which run in Tokaido Shinkansen area(including direct trains to/from Sanyo Shinkansen area) are listed.
　Tokaido Shinkansen Area: Tokyo〜Shin-Osaka, Sanyo Shinkansen Area: Shin-Osaka〜Hakata
上り（博多 → 新大阪 → 東京）	12月1日(水)～1月10日(月)の運転列車 Timetable ( December 1st ～ January 10th )	Eastbound ( Hakata → Shin-Osaka → Tokyo )
駅
博多
小倉
新下関
厚狭
新山口
徳山
新岩国
広島
東広島
三原
新尾道
福山
新倉敷
岡山
相生
姫路
西明石
新神戸
新大阪
京都
米原
岐阜羽島
名古屋
三河安城
豊橋
浜松
掛川
静岡
新富士
三島
熱海
小田原
新横浜
品川
東京
記事
106	352	354	138	356	20	726	506	358	728	228	140	360	362	22	364	652	366	108	368	144	372	24	730	510	374	732	226	146	146	376	148	26	380	654	382	110	384	386	150
21:00
21:07
21:14
21:21
21:28
21:35
21:42
21:49
21:56
22:03
22:10
22:17
22:24
22:31
22:38
22:45
22:52
22:59
23:06
23:13
ﾚ
23:27
23:34
23:41
ﾚ
23:55
0:02
0:09
ﾚ
0:23
0:30
0:37
ﾚ
0:51
0:58

21:08
ﾚ
21:22
21:29
21:36
ﾚ
21:50
21:57
22:04
ﾚ
22:18
22:25
22:32
ﾚ
22:46
22:53
23:00

21:16
21:23
21:30
21:37
21:44
21:51
21:58
22:05
22:12
ﾚ
22:26
22:33
22:40
ﾚ
22:54
23:01
23:08
ﾚ
23:22
23:29
23:36
ﾚ
21:24
21:31
21:38
21:45
21:52
21:59
22:06
22:13
22:20
22:27
22:34
22:41
22:48
22:55
23:02
23:09
23:16
23:23
23:30
23:37
23:44
ﾚ
23:58
0:05
0:12
ﾚ
0:26
0:33
0:40
ﾚ
0:54
1:01
1:08
ﾚ
1:22

21:32
21:39
21:46
21:53
22:00
22:07
22:14
22:21
22:28
22:35
22:42
22:49
22:56
ﾚ
23:10
23:17
23:24
ﾚ
23:38
23:45
23:52
ﾚ
0:06
0:13
0:20
ﾚ
0:34
0:41

21:40
21:47
21:54
22:01
22:08
22:15
22:22
22:29
22:36
22:43
22:50
22:57
ﾚ
23:11
23:18
23:25
ﾚ
23:39
23:46
23:53
ﾚ
0:07
0:14
0:21
ﾚ
0:35
0:42
0:49
21:48
21:55
22:02
22:09
22:16
22:23
22:30
22:37
22:44
22:51
22:58
23:05
23:12
23:19
23:26
23:33
23:40
23:47
23:54
0:01
0:08
0:15
ﾚ
0:29
0:36
0:43
ﾚ
0:57
1:04
1:11
ﾚ
1:25
1:32
1:39
ﾚ

21:56
22:03
22:10
22:17
22:24
22:31
22:38
22:45
22:52
22:59
23:06
23:13
23:20
23:27
ﾚ
23:41
23:48
23:55
ﾚ
0:09
0:16
0:23
ﾚ
0:37
0:44
0:51
ﾚ
1:05

22:04
22:11
22:18
22:25
22:32
22:39
22:46
22:53
23:00
23:07
23:14
23:21
23:28
ﾚ
23:42
23:49
23:56
ﾚ
0:10
0:17
0:24
ﾚ
0:38
0:45
0:52
ﾚ
1:06
1:13
22:12
22:19
22:26
22:33
22:40
22:47
22:54
23:01
23:08
23:15
23:22
23:29
23:36
23:43
23:50
23:57
0:04
0:11
0:18
ﾚ
0:32
0:39
0:46
ﾚ
1:00
1:07
1:14
ﾚ
1:28
1:35
1:42
ﾚ
1:56
2:03
2:10

22:20
22:27
22:34
22:41
22:48
22:55
23:02
23:09
23:16
ﾚ
23:30
23:37
23:44
ﾚ
23:58
0:05
0:12
ﾚ
0:26
0:33
0:40
ﾚ

22:28
22:35
22:42
ﾚ
22:56
23:03
23:10
ﾚ
23:24
23:31
23:38
ﾚ
23:52
23:59
0:06
ﾚ
0:20
22:36
22:43
22:50
22:57
23:04
23:11
23:18
23:25
23:32
23:39
23:46
23:53
0:00
0:07
0:14
0:21
0:28
0:35
0:42
0:49
ﾚ
1:03
1:10
1:17
ﾚ
1:31
1:38
1:45
ﾚ
1:59
2:06
2:13
ﾚ
2:27
2:34

22:44
22:51
22:58
23:05
23:12
23:19
23:26
23:33
23:40
23:47
23:54
0:01
ﾚ
0:15
0:22
0:29
ﾚ
0:43
0:50
0:57
ﾚ
1:11
1:18
1:25
ﾚ
1:39
1:46
1:53

22:52
22:59
23:06
23:13
23:20
23:27
23:34
23:41
23:48
ﾚ
0:02
0:09
0:16
ﾚ
0:30
0:37
0:44
ﾚ
0:58
1:05
1:12
ﾚ
23:00
23:07
23:14
23:21
23:28
23:35
23:42
23:49
23:56
0:03
0:10
0:17
0:24
0:31
0:38
0:45
0:52
0:59
1:06
1:13
1:20
ﾚ
1:34
1:41
1:48
ﾚ
2:02
2:09
2:16
ﾚ
2:30
2:37
2:44
ﾚ
2:58

23:08
23:15
ﾚ
23:29
23:36
23:43
ﾚ
23:57
0:04
0:11
ﾚ
0:25
0:32
0:39
ﾚ
0:53
1:00

23:16
23:23
23:30
23:37
23:44
23:51
23:58
0:05
0:12
0:19
0:26
0:33
ﾚ
0:47
0:54
1:01
ﾚ
1:15
1:22
1:29
ﾚ
1:43
1:50
1:57
ﾚ
2:11
2:18
2:25
23:24
23:31
23:38
23:45
23:52
23:59
0:06
0:13
0:20
0:27
0:34
0:41
0:48
0:55
1:02
1:09
1:16
1:23
1:30
1:37
1:44
1:51
ﾚ
2:05
2:12
2:19
ﾚ
2:33
2:40
2:47
ﾚ
3:01
3:08
3:15
ﾚ

23:32
23:39
23:46
23:53
0:00
0:07
0:14
0:21
0:28
0:35
0:42
0:49
0:56
1:03
ﾚ
1:17
1:24
1:31
ﾚ
1:45
1:52
1:59
ﾚ
2:13
2:20
2:27
ﾚ
2:41

23:40
23:47
23:54
0:01
0:08
0:15
0:22
0:29
0:36
0:43
0:50
0:57
1:04
ﾚ
1:18
1:25
1:32
ﾚ
1:46
1:53
2:00
ﾚ
2:14
2:21
2:28
ﾚ
2:42
2:49
23:48
23:55
0:02
0:09
0:16
0:23
0:30
0:37
0:44
0:51
0:58
1:05
1:12
1:19
1:26
1:33
1:40
1:47
1:54
ﾚ
2:08
2:15
2:22
ﾚ
2:36
2:43
2:50
ﾚ
3:04
3:11
3:18
ﾚ
3:32
3:39
3:46

23:56
0:03
0:10
0:17
0:24
0:31
0:38
0:45
0:52
ﾚ
1:06
1:13
1:20
ﾚ
1:34
1:41
1:48
ﾚ
2:02
2:09
2:16
ﾚ

0:04
0:11
0:18
0:25
0:32
0:39
0:46
0:53
1:00
1:07
1:14
1:21
1:28
1:35
ﾚ
1:49
1:56
2:03
ﾚ
2:17
2:24
2:31
ﾚ
2:45
2:52
2:59
ﾚ
3:13
0:12
0:19
0:26
0:33
0:40
0:47
0:54
1:01
1:08
1:15
1:22
1:29
1:36
1:43
1:50
1:57
2:04
2:11
2:18
2:25
ﾚ
2:39
2:46
2:53
ﾚ
3:07
3:14
3:21
ﾚ
3:35
3:42
3:49
ﾚ
4:03
4:10

0:20
0:27
0:34
0:41
0:48
0:55
1:02
1:09
1:16
1:23
1:30
1:37
ﾚ
1:51
1:58
2:05
ﾚ
2:19
2:26
2:33
ﾚ
2:47
2:54
3:01
ﾚ
3:15
3:22
3:29

0:28
0:35
0:42
0:49
ﾚ
1:03
1:10
1:17
ﾚ
1:31
1:38
1:45
ﾚ
1:59
2:06
2:13
ﾚ
0:36
0:43
0:50
0:57
1:04
1:11
1:18
1:25
1:32
1:39
1:46
1:53
2:00
2:07
2:14
2:21
2:28
2:35
2:42
2:49
2:56
ﾚ
3:10
3:17
3:24
ﾚ
3:38
3:45
3:52
ﾚ
4:06
4:13
4:20
ﾚ
4:34

0:44
0:51
0:58
1:05
1:12
1:19
1:26
1:33
1:40
1:47
1:54
2:01
2:08
ﾚ
2:22
2:29
2:36
ﾚ
2:50
2:57
3:04
ﾚ
3:18
3:25
3:32
ﾚ
3:46
3:53

0:52
0:59
1:06
1:13
1:20
1:27
1:34
1:41
1:48
1:55
2:02
2:09
ﾚ
2:23
2:30
2:37
ﾚ
2:51
2:58
3:05
ﾚ
3:19
3:26
3:33
ﾚ
3:47
3:54
4:01
1:00
1:07
1:14
1:21
1:28
1:35
1:42
1:49
1:56
2:03
2:10
2:17
2:24
2:31
2:38
2:45
2:52
2:59
3:06
3:13
3:20
3:27
ﾚ
3:41
3:48
3:55
ﾚ
4:09
4:16
4:23
ﾚ
4:37
4:44
4:51
ﾚ

1:08
1:15
1:22
ﾚ
1:36
1:43
1:50
ﾚ
2:04
2:11
2:18
ﾚ
2:32
2:39
2:46
ﾚ
3:00

1:16
1:23
1:30
1:37
1:44
1:51
1:58
2:05
2:12
2:19
2:26
2:33
2:40
ﾚ
2:54
3:01
3:08
ﾚ
3:22
3:29
3:36
ﾚ
3:50
3:57
4:04
ﾚ
4:18
4:25
1:24
1:31
1:38
1:45
1:52
1:59
2:06
2:13
2:20
2:27
2:34
2:41
2:48
2:55
3:02
3:09
3:16
3:23
3:30
ﾚ
3:44
3:51
3:58
ﾚ
4:12
4:19
4:26
ﾚ
4:40
4:47
4:54
ﾚ
5:08
5:15
5:22

1:32
1:39
1:46
1:53
2:00
2:07
2:14
2:21
2:28
ﾚ
2:42
2:49
2:56
ﾚ
3:10
3:17
3:24
ﾚ
3:38
3:45
3:52
ﾚ

1:40
1:47
1:54
2:01
2:08
2:15
2:22
2:29
2:36
2:43
2:50
2:57
3:04
3:11
ﾚ
3:25
3:32
3:39
ﾚ
3:53
4:00
4:07
ﾚ
4:21
4:28
4:35
ﾚ
4:49
1:48
1:55
2:02
2:09
2:16
2:23
2:30
2:37
2:44
2:51
2:58
3:05
3:12
3:19
3:26
3:33
3:40
3:47
3:54
4:01
ﾚ
4:15
4:22
4:29
ﾚ
4:43
4:50
4:57
ﾚ
5:11
5:18
5:25
ﾚ
5:39
5:46

1:56
2:03
2:10
2:17
2:24
2:31
2:38
2:45
2:52
2:59
3:06
3:13
ﾚ
3:27
3:34
3:41
ﾚ
3:55
4:02
4:09
ﾚ
4:23
4:30
4:37
ﾚ
4:51
4:58
5:05

2:04
2:11
2:18
2:25
2:32
2:39
2:46
2:53
3:00
ﾚ
3:14
3:21
3:28
ﾚ
3:42
3:49
3:56
ﾚ
4:10
4:17
4:24
ﾚ
2:12
2:19
2:26
2:33
2:40
2:47
2:54
3:01
3:08
3:15
3:22
3:29
3:36
3:43
3:50
3:57
4:04
4:11
4:18
4:25
4:32
ﾚ
4:46
4:53
5:00
ﾚ
5:14
5:21
5:28
ﾚ
5:42
5:49
5:56
ﾚ
6:10
Train Name
Hakata
Kokura
Shin-Shimonoseki
Asa
Shin-Yamaguchi
Tokuyama
Shin-Iwakuni
Hiroshima
Higashi-Hiroshima
Mihara
Shin-Onomichi
Fukuyama
Shin-Kurashiki
Okayama
Aioi
Himeji
Nishi-Akashi
Shin-Kobe
Shin-Osaka
Kyoto
Maibara
Gifu-Hashima
Nagoya
Mikawa-Anjo
Toyohashi
Hamamatsu
Kakegawa
Shizuoka
Shin-Fuji
Mishima
Atami
Odawara
Shin-Yokohama
Shinagawa
Tokyo
◆が付記された列車は運転日にご注意ください。
Trains marked with ◆ only run on specific dates. Please check the latest schedule before travelling.
☆ ･･･N700S車両で運転します。ただし、他の編成で運転する場合があります。
　この他の列車についても、N700S車両で運転する日があります。
※ この資料に掲載している運転計画は、10月29日時点の情報です。
※ 東海道新幹線および東海道・山陽新幹線直通の列車のみ記載しています。
☆ = Trains using N700S. Train model may be subject to change.
* Scheduled train times as of October 29th.
* Only trains which run in Tokaido Shinkansen area(including direct trains to/from Sanyo Shinkansen area) are listed.
　Tokaido Shinkansen Area: Tokyo〜Shin-Osaka, Sanyo Shinkansen Area: Shin-Osaka〜Hakata
